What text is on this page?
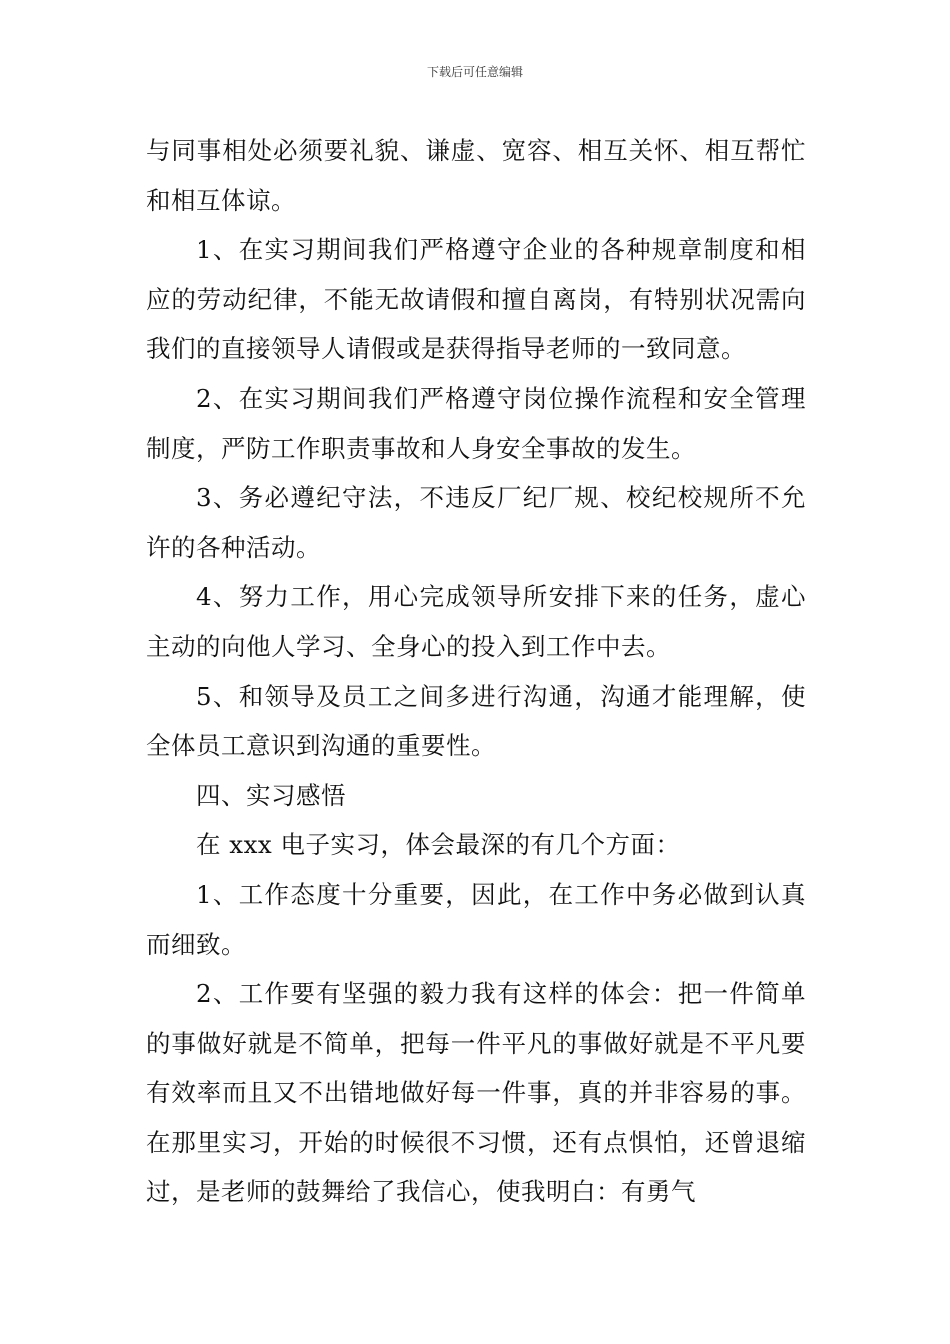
下载后可任意编辑

与同事相处必须要礼貌、谦虚、宽容、相互关怀、相互帮忙和相互体谅。

1、在实习期间我们严格遵守企业的各种规章制度和相应的劳动纪律，不能无故请假和擅自离岗，有特别状况需向我们的直接领导人请假或是获得指导老师的一致同意。

2、在实习期间我们严格遵守岗位操作流程和安全管理制度，严防工作职责事故和人身安全事故的发生。

3、务必遵纪守法，不违反厂纪厂规、校纪校规所不允许的各种活动。

4、努力工作，用心完成领导所安排下来的任务，虚心主动的向他人学习、全身心的投入到工作中去。

5、和领导及员工之间多进行沟通，沟通才能理解，使全体员工意识到沟通的重要性。

四、实习感悟

在 xxx 电子实习，体会最深的有几个方面：

1、工作态度十分重要，因此，在工作中务必做到认真而细致。

2、工作要有坚强的毅力我有这样的体会：把一件简单的事做好就是不简单，把每一件平凡的事做好就是不平凡要有效率而且又不出错地做好每一件事，真的并非容易的事。在那里实习，开始的时候很不习惯，还有点惧怕，还曾退缩过，是老师的鼓舞给了我信心，使我明白：有勇气
